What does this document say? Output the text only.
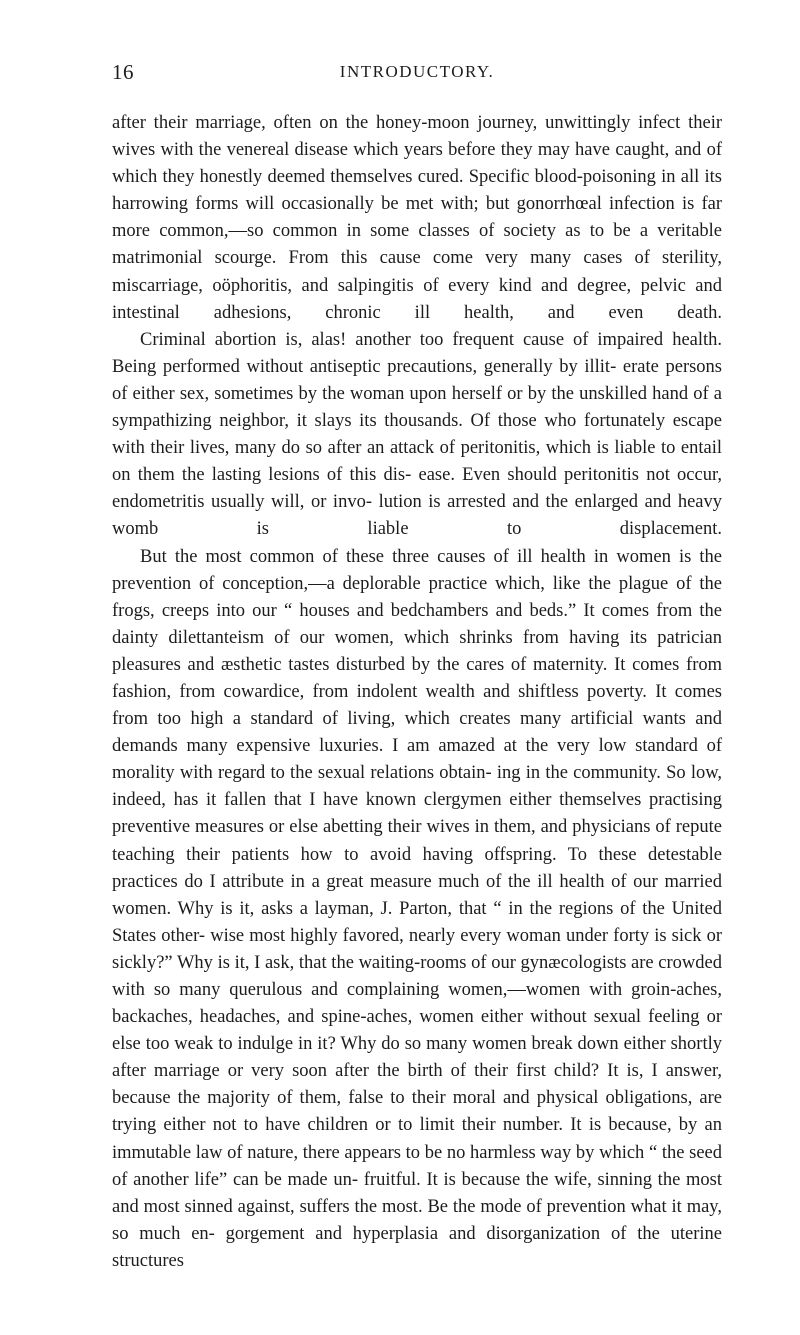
16	INTRODUCTORY.

after their marriage, often on the honey-moon journey, unwittingly infect their wives with the venereal disease which years before they may have caught, and of which they honestly deemed themselves cured. Specific blood-poisoning in all its harrowing forms will occasionally be met with; but gonorrhœal infection is far more common,—so common in some classes of society as to be a veritable matrimonial scourge. From this cause come very many cases of sterility, miscarriage, oöphoritis, and salpingitis of every kind and degree, pelvic and intestinal adhesions, chronic ill health, and even death.

Criminal abortion is, alas! another too frequent cause of impaired health. Being performed without antiseptic precautions, generally by illit- erate persons of either sex, sometimes by the woman upon herself or by the unskilled hand of a sympathizing neighbor, it slays its thousands. Of those who fortunately escape with their lives, many do so after an attack of peritonitis, which is liable to entail on them the lasting lesions of this dis- ease. Even should peritonitis not occur, endometritis usually will, or invo- lution is arrested and the enlarged and heavy womb is liable to displacement.

But the most common of these three causes of ill health in women is the prevention of conception,—a deplorable practice which, like the plague of the frogs, creeps into our “ houses and bedchambers and beds.” It comes from the dainty dilettanteism of our women, which shrinks from having its patrician pleasures and æsthetic tastes disturbed by the cares of maternity. It comes from fashion, from cowardice, from indolent wealth and shiftless poverty. It comes from too high a standard of living, which creates many artificial wants and demands many expensive luxuries. I am amazed at the very low standard of morality with regard to the sexual relations obtain- ing in the community. So low, indeed, has it fallen that I have known clergymen either themselves practising preventive measures or else abetting their wives in them, and physicians of repute teaching their patients how to avoid having offspring. To these detestable practices do I attribute in a great measure much of the ill health of our married women. Why is it, asks a layman, J. Parton, that “ in the regions of the United States other- wise most highly favored, nearly every woman under forty is sick or sickly?” Why is it, I ask, that the waiting-rooms of our gynæcologists are crowded with so many querulous and complaining women,—women with groin-aches, backaches, headaches, and spine-aches, women either without sexual feeling or else too weak to indulge in it? Why do so many women break down either shortly after marriage or very soon after the birth of their first child? It is, I answer, because the majority of them, false to their moral and physical obligations, are trying either not to have children or to limit their number. It is because, by an immutable law of nature, there appears to be no harmless way by which “ the seed of another life” can be made un- fruitful. It is because the wife, sinning the most and most sinned against, suffers the most. Be the mode of prevention what it may, so much en- gorgement and hyperplasia and disorganization of the uterine structures
